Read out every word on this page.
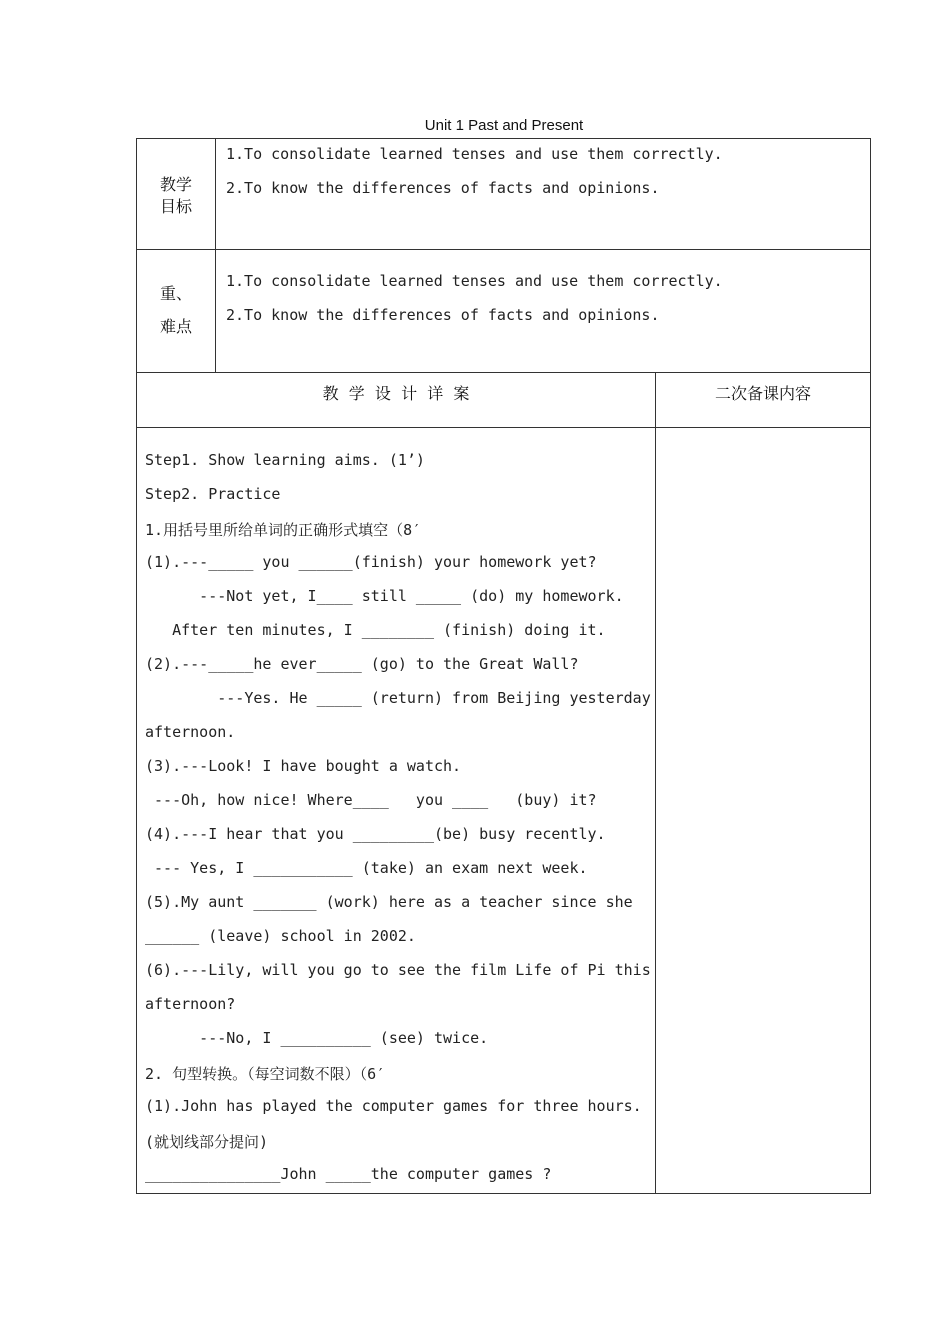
Unit 1 Past and Present
教学
目标
1.To consolidate learned tenses and use them correctly.
2.To know the differences of facts and opinions.
重、
难点
1.To consolidate learned tenses and use them correctly.
2.To know the differences of facts and opinions.
教  学  设  计  详  案	二次备课内容
Step1. Show learning aims. (1’)
Step2. Practice
1.用括号里所给单词的正确形式填空（8′
(1).---_____ you ______(finish) your homework yet?
---Not yet, I____ still _____ (do) my homework.
After ten minutes, I ________ (finish) doing it.
(2).---_____he ever_____ (go) to the Great Wall?
---Yes. He _____ (return) from Beijing yesterday
afternoon.
(3).---Look! I have bought a watch.
---Oh, how nice! Where____   you ____   (buy) it?
(4).---I hear that you _________(be) busy recently.
--- Yes, I ___________ (take) an exam next week.
(5).My aunt _______ (work) here as a teacher since she
______ (leave) school in 2002.
(6).---Lily, will you go to see the film Life of Pi this
afternoon?
---No, I __________ (see) twice.
2. 句型转换。（每空词数不限）（6′
(1).John has played the computer games for three hours.
(就划线部分提问)
_______________John _____the computer games ?
